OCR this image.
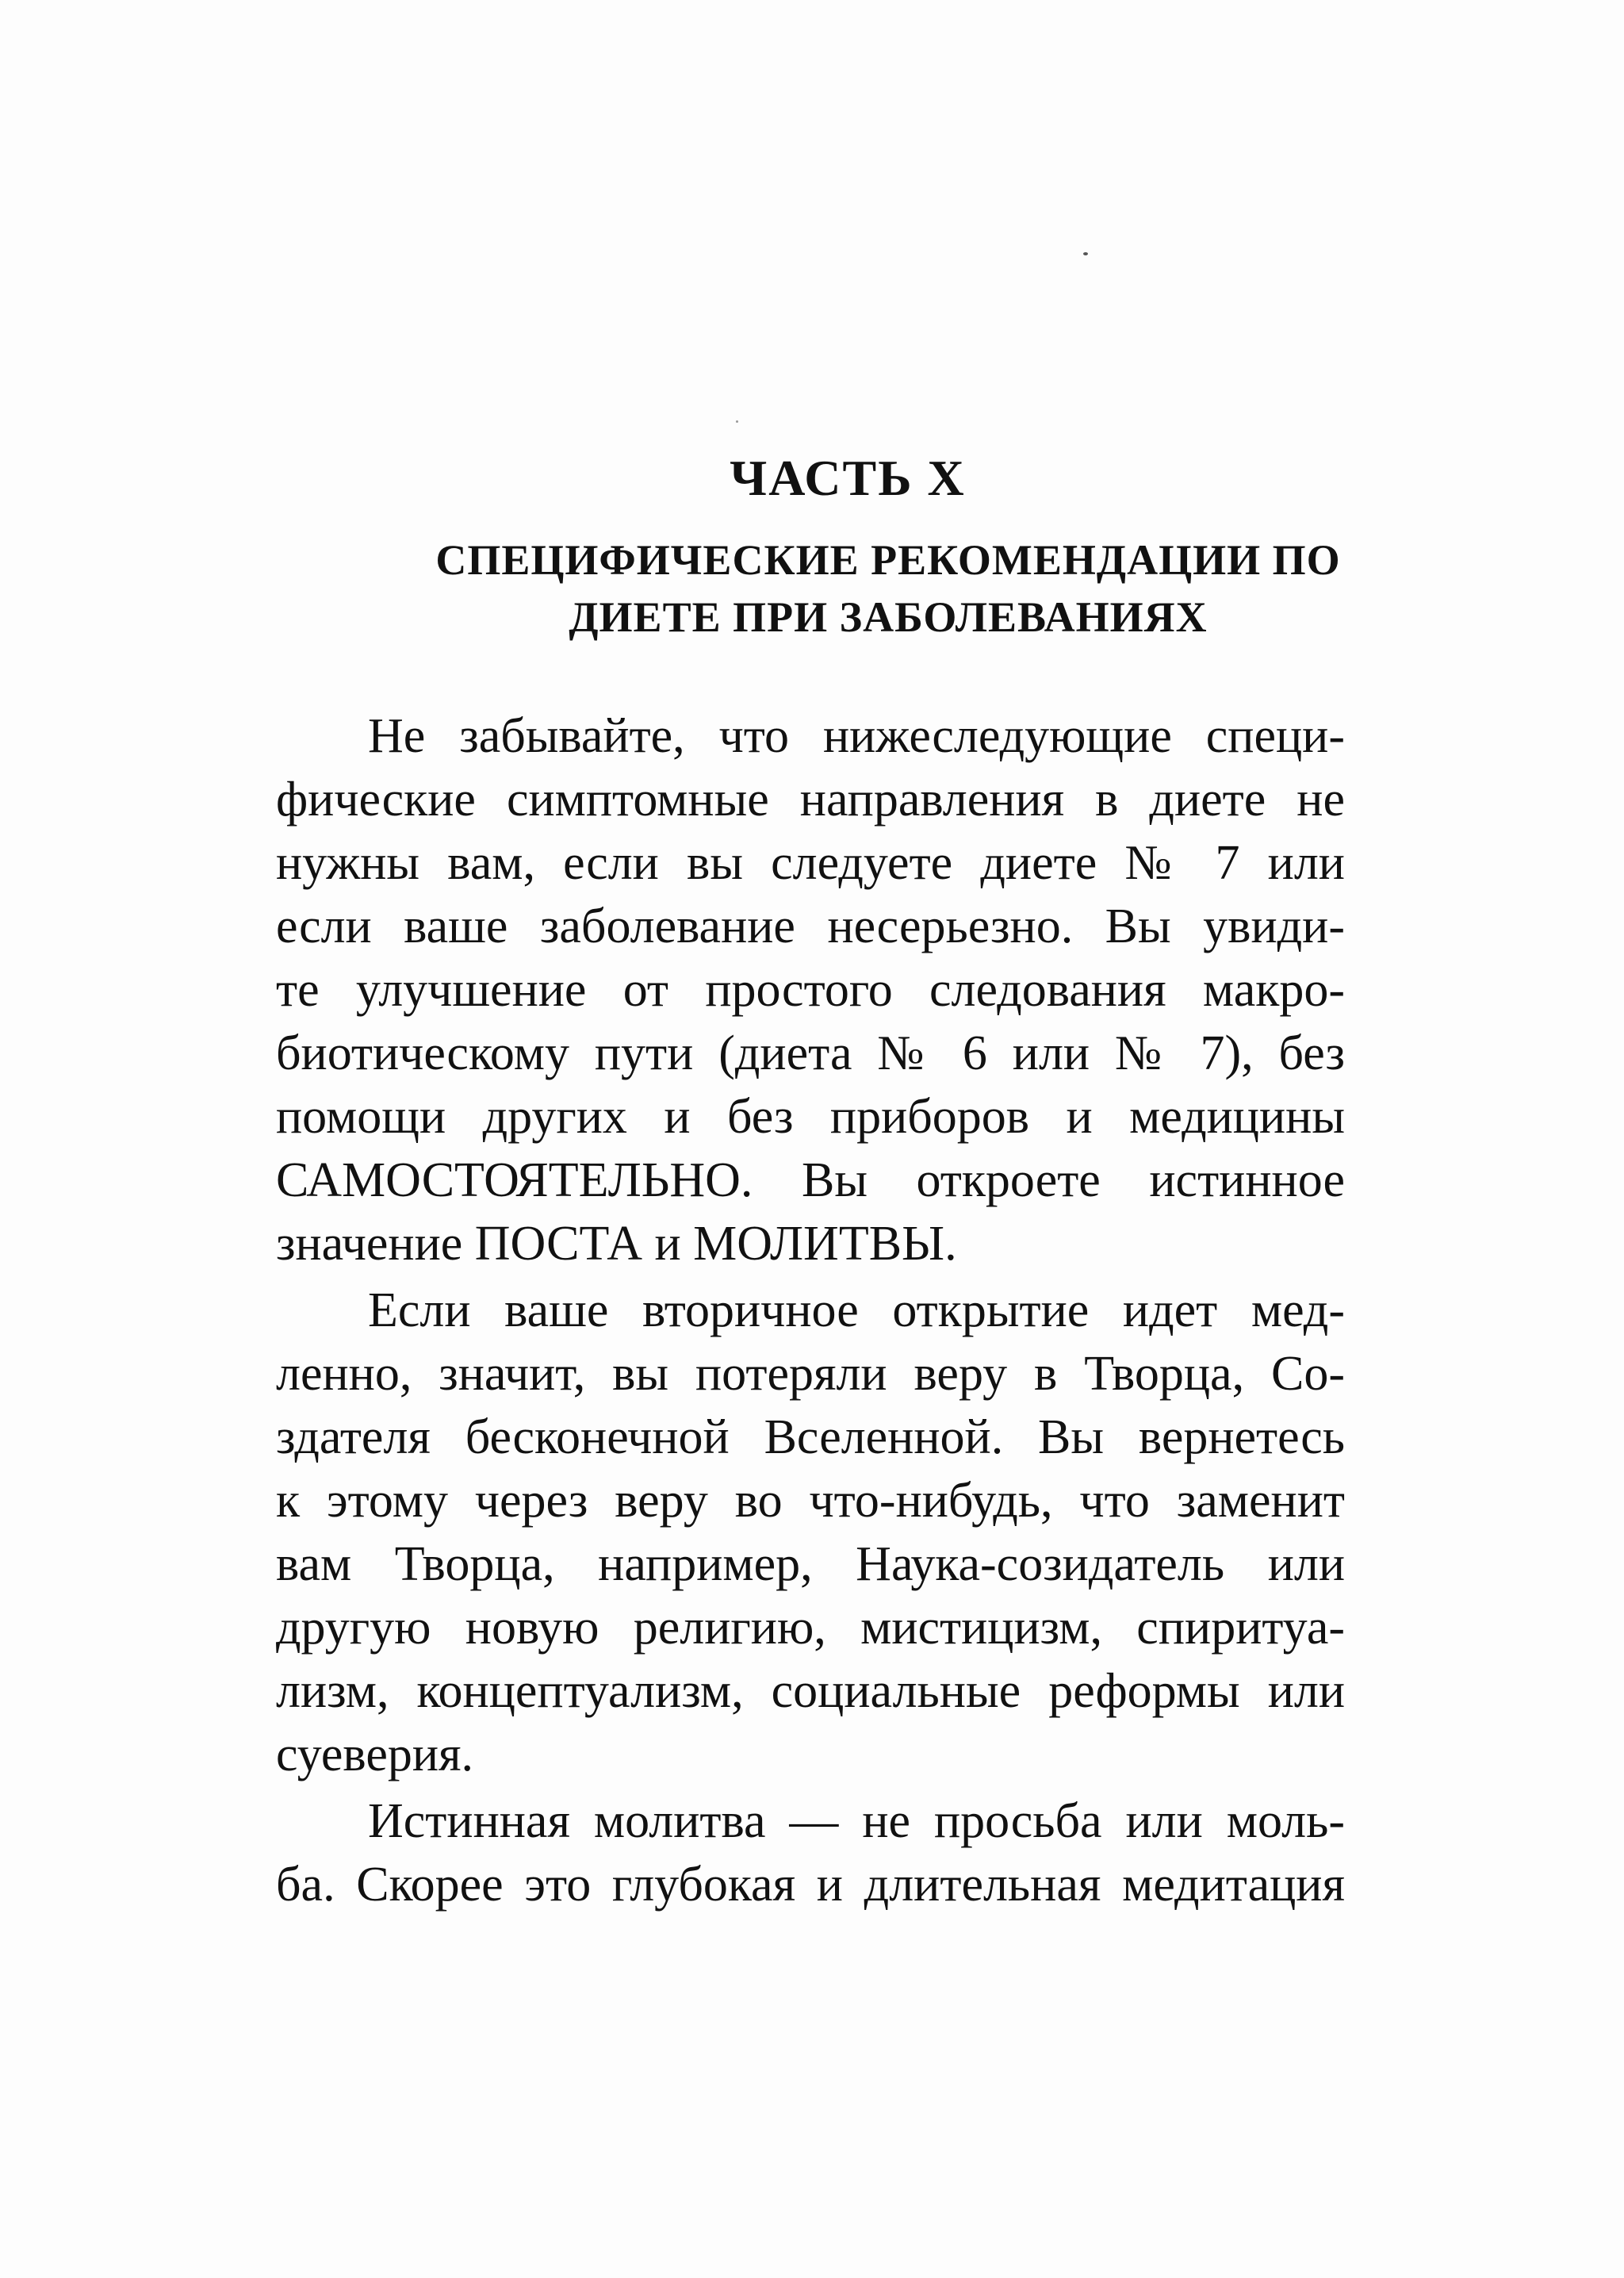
ЧАСТЬ X
СПЕЦИФИЧЕСКИЕ РЕКОМЕНДАЦИИ ПО
ДИЕТЕ ПРИ ЗАБОЛЕВАНИЯХ
Не забывайте, что нижеследующие специ-
фические симптомные направления в диете не
нужны вам, если вы следуете диете № 7 или
если ваше заболевание несерьезно. Вы увиди-
те улучшение от простого следования макро-
биотическому пути (диета № 6 или № 7), без
помощи других и без приборов и медицины
САМОСТОЯТЕЛЬНО. Вы откроете истинное
значение ПОСТА и МОЛИТВЫ.
Если ваше вторичное открытие идет мед-
ленно, значит, вы потеряли веру в Творца, Со-
здателя бесконечной Вселенной. Вы вернетесь
к этому через веру во что-нибудь, что заменит
вам Творца, например, Наука-созидатель или
другую новую религию, мистицизм, спиритуа-
лизм, концептуализм, социальные реформы или
суеверия.
Истинная молитва — не просьба или моль-
ба. Скорее это глубокая и длительная медитация
